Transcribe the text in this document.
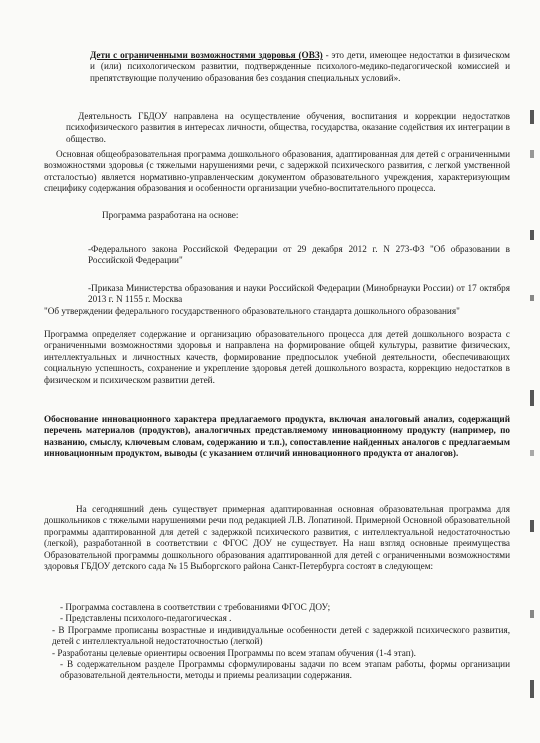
Дети с ограниченными возможностями здоровья (ОВЗ) - это дети, имеющее недостатки в физическом и (или) психологическом развитии, подтвержденные психолого-медико-педагогической комиссией и препятствующие получению образования без создания специальных условий».

Деятельность ГБДОУ направлена на осуществление обучения, воспитания и коррекции недостатков психофизического развития в интересах личности, общества, государства, оказание содействия их интеграции в общество.

Основная общеобразовательная программа дошкольного образования, адаптированная для детей с ограниченными возможностями здоровья (с тяжелыми нарушениями речи, с задержкой психического развития, с легкой умственной отсталостью) является нормативно-управленческим документом образовательного учреждения, характеризующим специфику содержания образования и особенности организации учебно-воспитательного процесса.

Программа разработана на основе:

-Федерального закона Российской Федерации от 29 декабря 2012 г. N 273-ФЗ "Об образовании в Российской Федерации"

-Приказа Министерства образования и науки Российской Федерации (Минобрнауки России) от 17 октября 2013 г. N 1155 г. Москва

"Об утверждении федерального государственного образовательного стандарта дошкольного образования"

Программа определяет содержание и организацию образовательного процесса для детей дошкольного возраста с ограниченными возможностями здоровья и направлена на формирование общей культуры, развитие физических, интеллектуальных и личностных качеств, формирование предпосылок учебной деятельности, обеспечивающих социальную успешность, сохранение и укрепление здоровья детей дошкольного возраста, коррекцию недостатков в физическом и психическом развитии детей.

Обоснование инновационного характера предлагаемого продукта, включая аналоговый анализ, содержащий перечень материалов (продуктов), аналогичных представляемому инновационному продукту (например, по названию, смыслу, ключевым словам, содержанию и т.п.), сопоставление найденных аналогов с предлагаемым инновационным продуктом, выводы (с указанием отличий инновационного продукта от аналогов).

На сегодняшний день существует примерная адаптированная основная образовательная программа для дошкольников с тяжелыми нарушениями речи под редакцией Л.В. Лопатиной. Примерной Основной образовательной программы адаптированной для детей с задержкой психического развития, с интеллектуальной недостаточностью (легкой), разработанной в соответствии с ФГОС ДОУ не существует. На наш взгляд основные преимущества Образовательной программы дошкольного образования адаптированной для детей с ограниченными возможностями здоровья ГБДОУ детского сада № 15 Выборгского района Санкт-Петербурга состоят в следующем:

- Программа составлена в соответствии с требованиями ФГОС ДОУ;
- Представлены психолого-педагогическая .
- В Программе прописаны возрастные и индивидуальные особенности детей с задержкой психического развития, детей с интеллектуальной недостаточностью (легкой)
- Разработаны целевые ориентиры освоения Программы по всем этапам обучения (1-4 этап).
- В содержательном разделе Программы сформулированы задачи по всем этапам работы, формы организации образовательной деятельности, методы и приемы реализации содержания.
